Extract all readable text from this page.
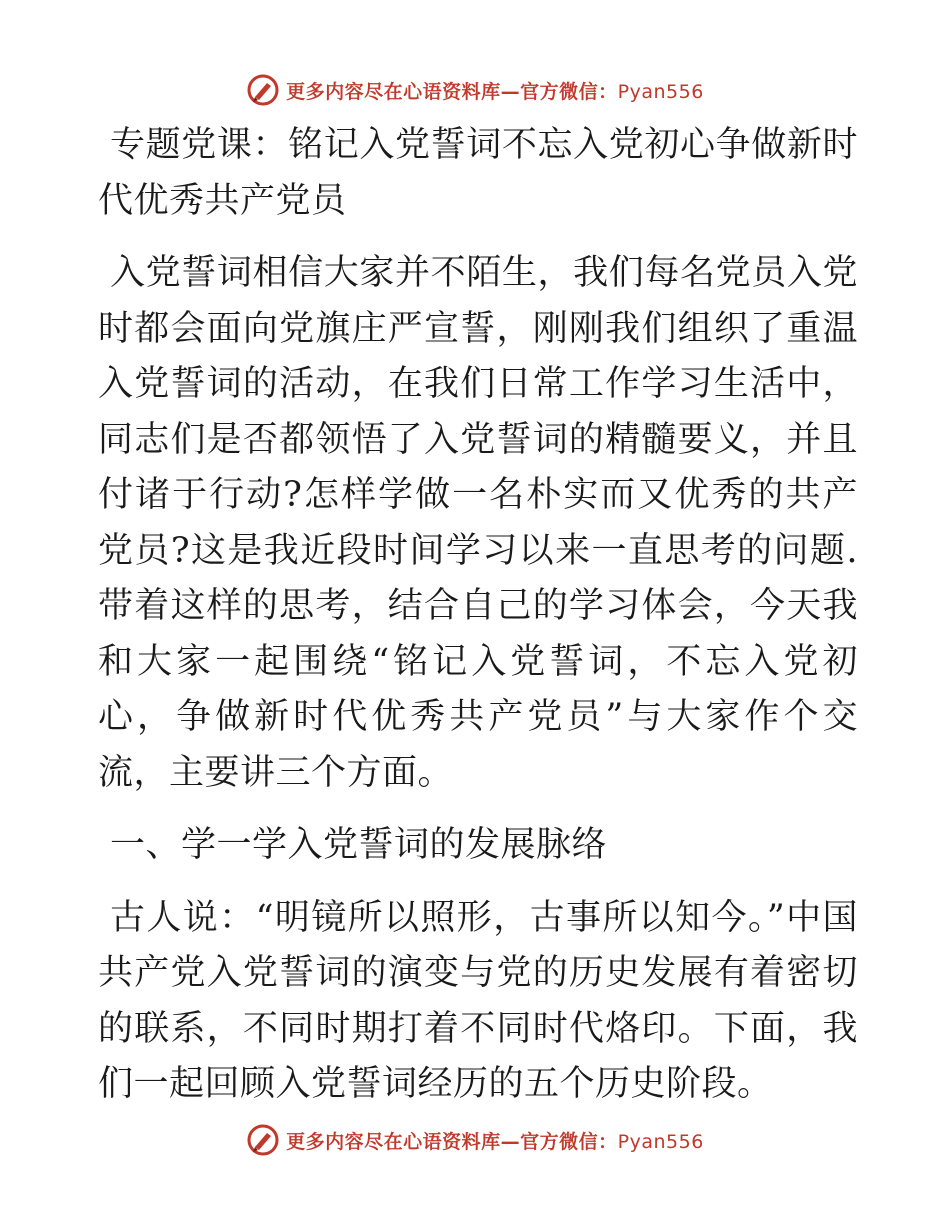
更多内容尽在心语资料库—官方微信：Pyan556

专题党课：铭记入党誓词不忘入党初心争做新时代优秀共产党员

入党誓词相信大家并不陌生，我们每名党员入党时都会面向党旗庄严宣誓，刚刚我们组织了重温入党誓词的活动，在我们日常工作学习生活中，同志们是否都领悟了入党誓词的精髓要义，并且付诸于行动?怎样学做一名朴实而又优秀的共产党员?这是我近段时间学习以来一直思考的问题.带着这样的思考，结合自己的学习体会，今天我和大家一起围绕“铭记入党誓词，不忘入党初心，争做新时代优秀共产党员”与大家作个交流，主要讲三个方面。

一、学一学入党誓词的发展脉络

古人说：“明镜所以照形，古事所以知今。”中国共产党入党誓词的演变与党的历史发展有着密切的联系，不同时期打着不同时代烙印。下面，我们一起回顾入党誓词经历的五个历史阶段。

更多内容尽在心语资料库—官方微信：Pyan556
